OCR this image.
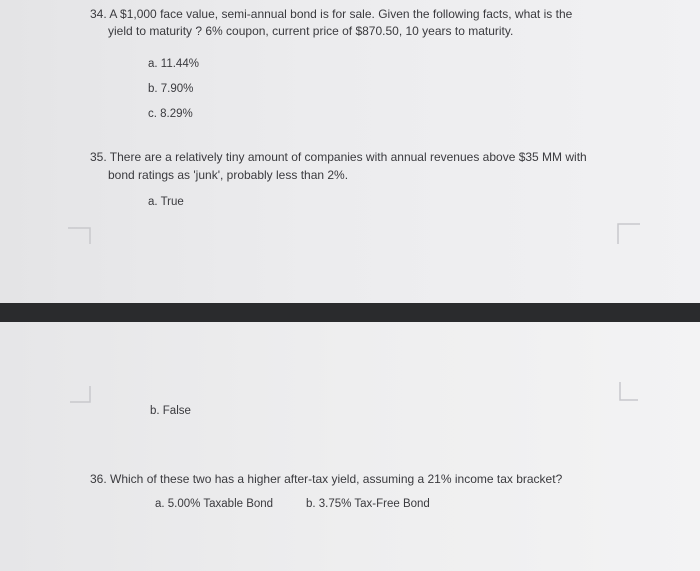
34. A $1,000 face value, semi-annual bond is for sale. Given the following facts, what is the
yield to maturity ? 6% coupon, current price of $870.50, 10 years to maturity.
a. 11.44%
b. 7.90%
c. 8.29%
35. There are a relatively tiny amount of companies with annual revenues above $35 MM with
bond ratings as 'junk', probably less than 2%.
a. True
b. False
36. Which of these two has a higher after-tax yield, assuming a 21% income tax bracket?
a. 5.00% Taxable Bond	b. 3.75% Tax-Free Bond
